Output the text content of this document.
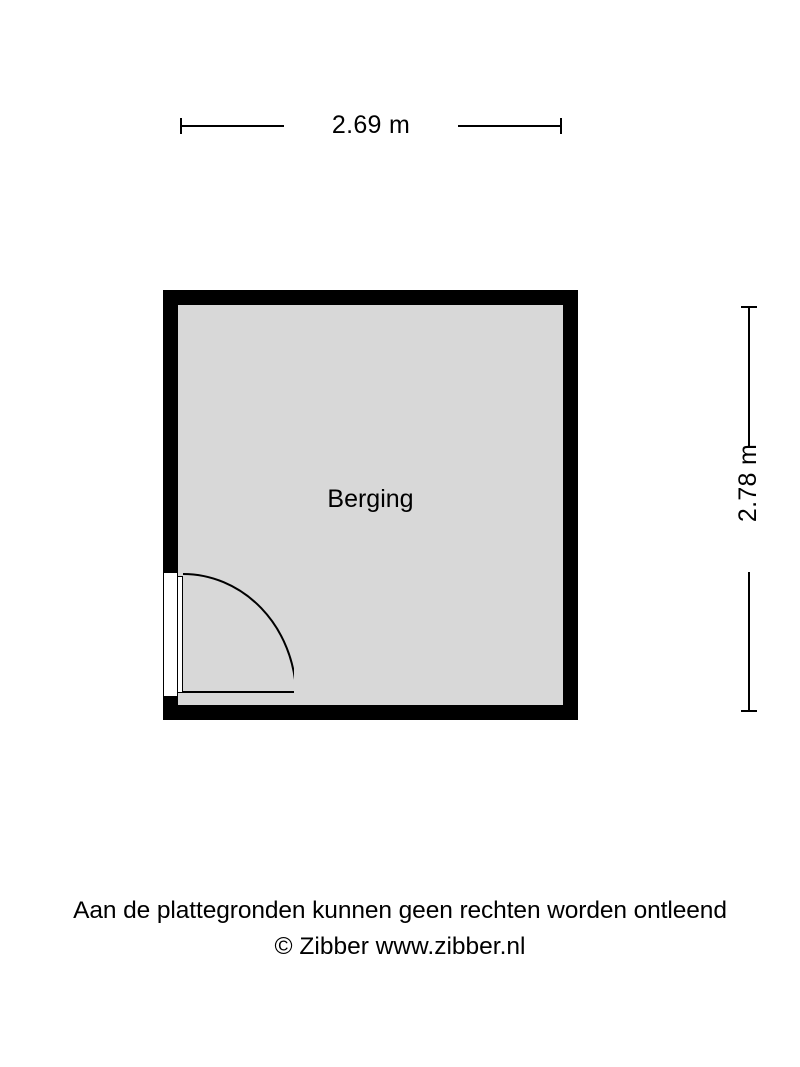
2.69 m
2.78 m
Berging
Aan de plattegronden kunnen geen rechten worden ontleend
© Zibber www.zibber.nl
